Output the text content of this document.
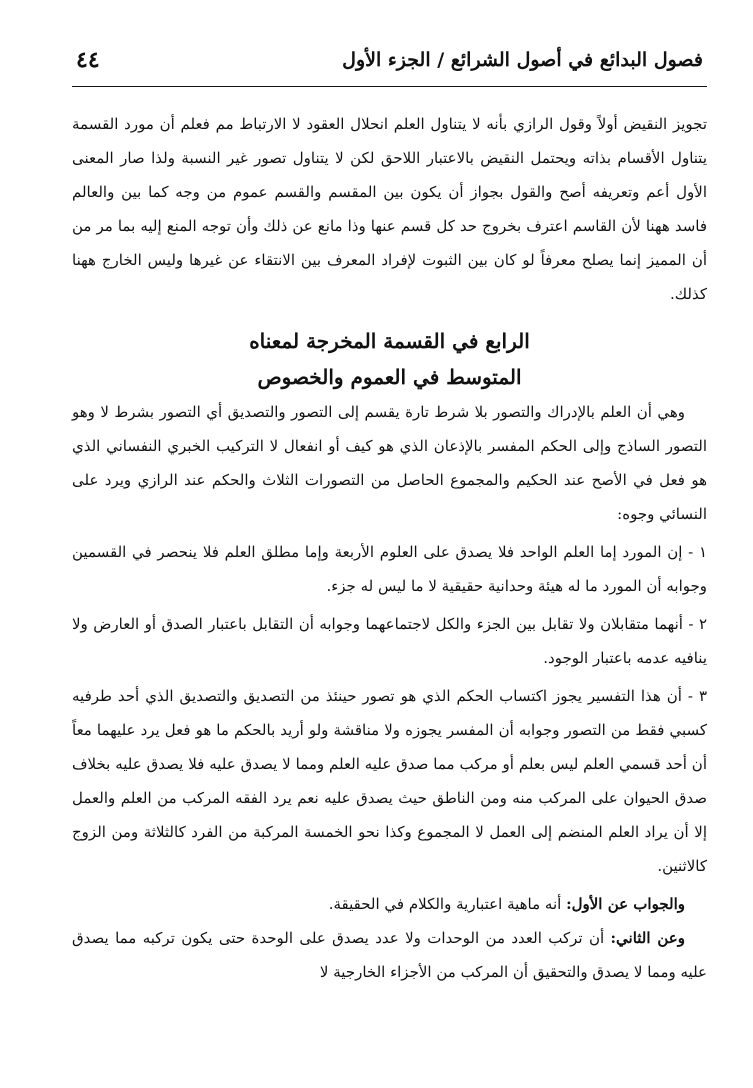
فصول البدائع في أصول الشرائع / الجزء الأول
٤٤

تجويز النقيض أولاً وقول الرازي بأنه لا يتناول العلم انحلال العقود لا الارتباط مم فعلم أن مورد القسمة يتناول الأقسام بذاته ويحتمل النقيض بالاعتبار اللاحق لكن لا يتناول تصور غير النسبة ولذا صار المعنى الأول أعم وتعريفه أصح والقول بجواز أن يكون بين المقسم والقسم عموم من وجه كما بين والعالم فاسد ههنا لأن القاسم اعترف بخروج حد كل قسم عنها وذا مانع عن ذلك وأن توجه المنع إليه بما مر من أن المميز إنما يصلح معرفاً لو كان بين الثبوت لإفراد المعرف بين الانتقاء عن غيرها وليس الخارج ههنا كذلك.

الرابع في القسمة المخرجة لمعناه
المتوسط في العموم والخصوص

وهي أن العلم بالإدراك والتصور بلا شرط تارة يقسم إلى التصور والتصديق أي التصور بشرط لا وهو التصور الساذج وإلى الحكم المفسر بالإذعان الذي هو كيف أو انفعال لا التركيب الخبري النفساني الذي هو فعل في الأصح عند الحكيم والمجموع الحاصل من التصورات الثلاث والحكم عند الرازي ويرد على النسائي وجوه:

١ - إن المورد إما العلم الواحد فلا يصدق على العلوم الأربعة وإما مطلق العلم فلا ينحصر في القسمين وجوابه أن المورد ما له هيئة وحدانية حقيقية لا ما ليس له جزء.

٢ - أنهما متقابلان ولا تقابل بين الجزء والكل لاجتماعهما وجوابه أن التقابل باعتبار الصدق أو العارض ولا ينافيه عدمه باعتبار الوجود.

٣ - أن هذا التفسير يجوز اكتساب الحكم الذي هو تصور حينئذ من التصديق والتصديق الذي أحد طرفيه كسبي فقط من التصور وجوابه أن المفسر يجوزه ولا مناقشة ولو أريد بالحكم ما هو فعل يرد عليهما معاً أن أحد قسمي العلم ليس بعلم أو مركب مما صدق عليه العلم ومما لا يصدق عليه فلا يصدق عليه بخلاف صدق الحيوان على المركب منه ومن الناطق حيث يصدق عليه نعم يرد الفقه المركب من العلم والعمل إلا أن يراد العلم المنضم إلى العمل لا المجموع وكذا نحو الخمسة المركبة من الفرد كالثلاثة ومن الزوج كالاثنين.

والجواب عن الأول: أنه ماهية اعتبارية والكلام في الحقيقة.

وعن الثاني: أن تركب العدد من الوحدات ولا عدد يصدق على الوحدة حتى يكون تركبه مما يصدق عليه ومما لا يصدق والتحقيق أن المركب من الأجزاء الخارجية لا
